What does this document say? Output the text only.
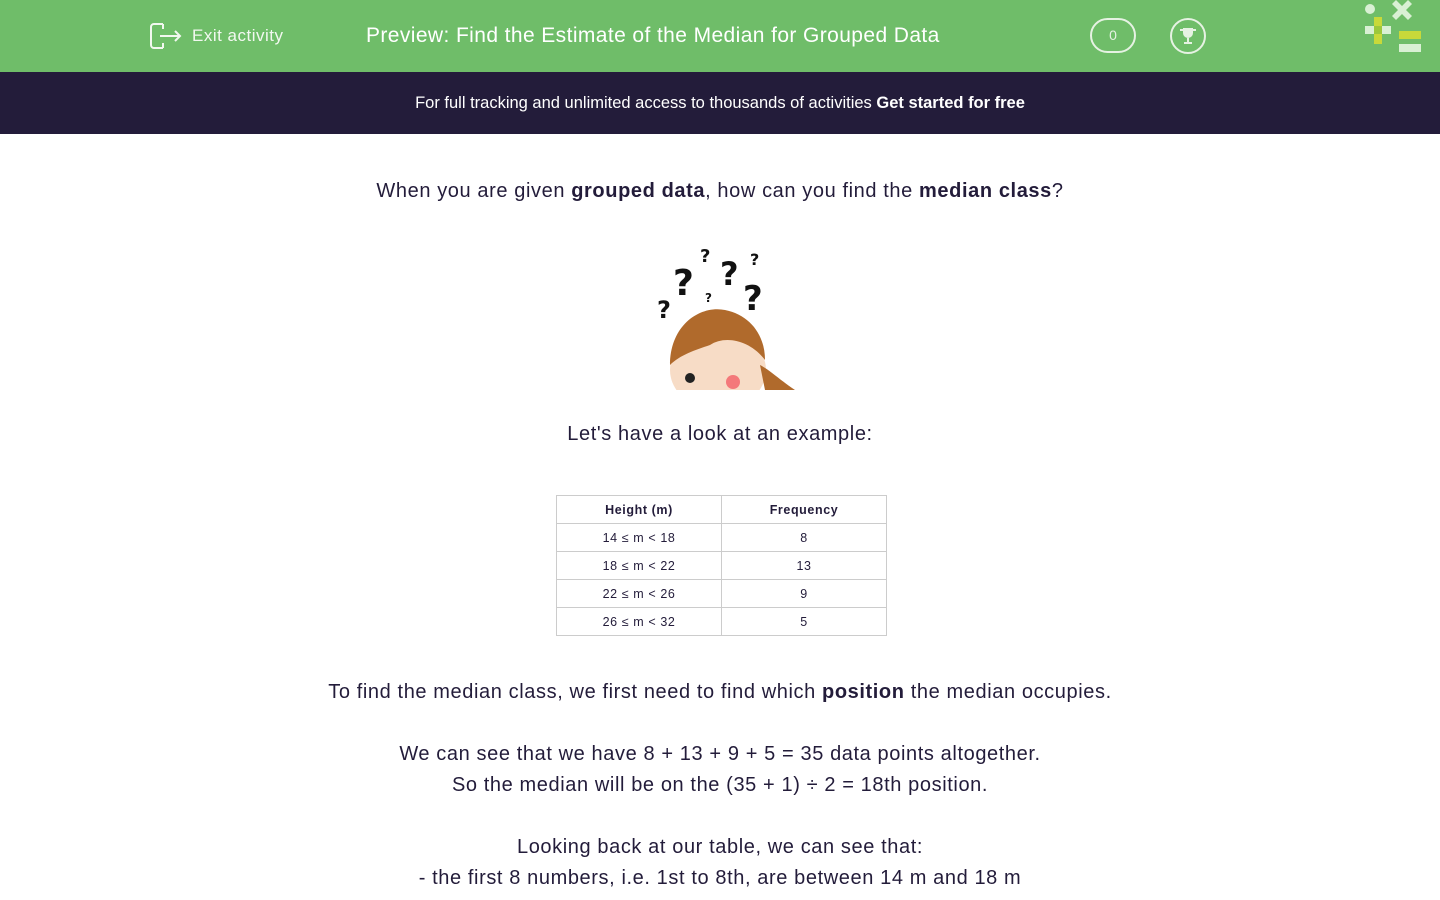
Exit activity	Preview: Find the Estimate of the Median for Grouped Data	0
For full tracking and unlimited access to thousands of activities Get started for free
When you are given grouped data, how can you find the median class?
?
? ?
?
?
?	?
Let's have a look at an example:
Height (m)	Frequency
14 ≤ m < 18	8
18 ≤ m < 22	13
22 ≤ m < 26	9
26 ≤ m < 32	5
To find the median class, we first need to find which position the median occupies.
We can see that we have 8 + 13 + 9 + 5 = 35 data points altogether.
So the median will be on the (35 + 1) ÷ 2 = 18th position.
Looking back at our table, we can see that:
- the first 8 numbers, i.e. 1st to 8th, are between 14 m and 18 m
